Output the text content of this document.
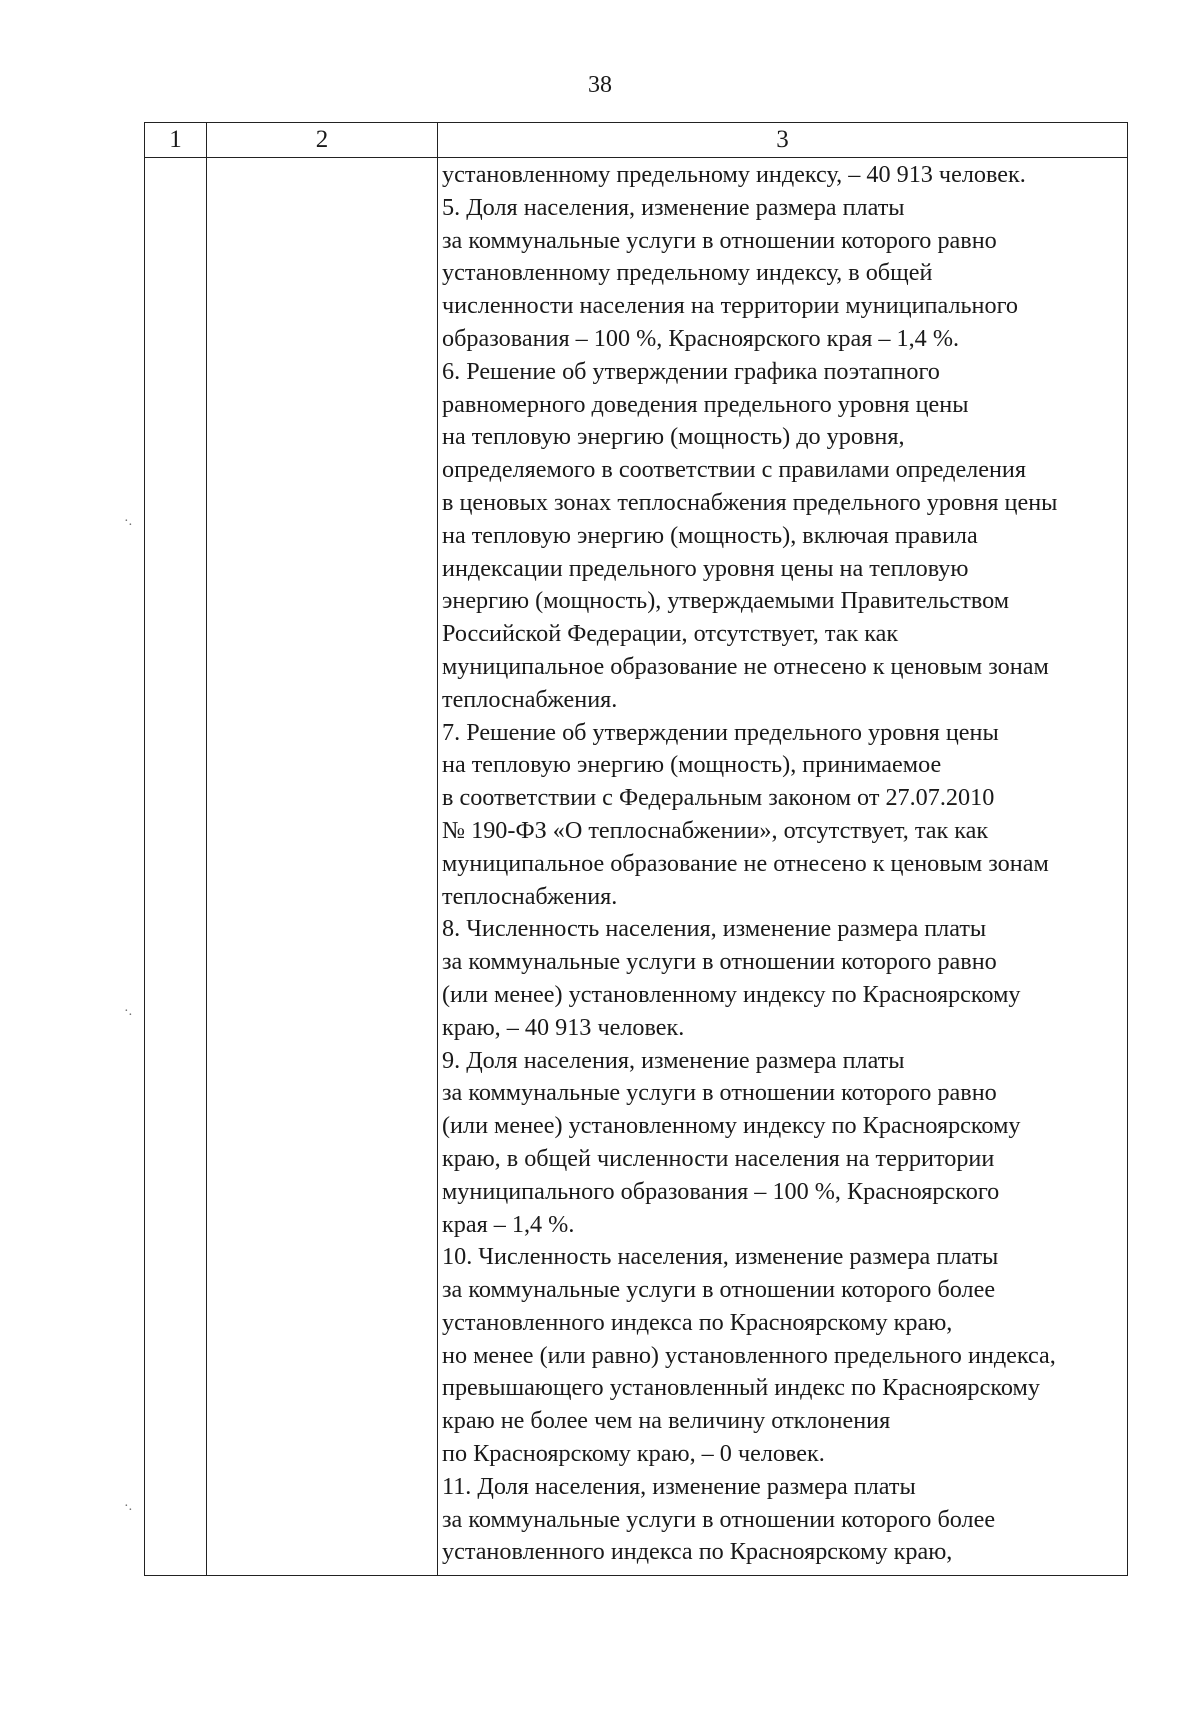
38
1	2	3
установленному предельному индексу, – 40 913 человек.
5. Доля населения, изменение размера платы
за коммунальные услуги в отношении которого равно
установленному предельному индексу, в общей
численности населения на территории муниципального
образования – 100 %, Красноярского края – 1,4 %.
6. Решение об утверждении графика поэтапного
равномерного доведения предельного уровня цены
на тепловую энергию (мощность) до уровня,
определяемого в соответствии с правилами определения
в ценовых зонах теплоснабжения предельного уровня цены
на тепловую энергию (мощность), включая правила
индексации предельного уровня цены на тепловую
энергию (мощность), утверждаемыми Правительством
Российской Федерации, отсутствует, так как
муниципальное образование не отнесено к ценовым зонам
теплоснабжения.
7. Решение об утверждении предельного уровня цены
на тепловую энергию (мощность), принимаемое
в соответствии с Федеральным законом от 27.07.2010
№ 190-ФЗ «О теплоснабжении», отсутствует, так как
муниципальное образование не отнесено к ценовым зонам
теплоснабжения.
8. Численность населения, изменение размера платы
за коммунальные услуги в отношении которого равно
(или менее) установленному индексу по Красноярскому
краю, – 40 913 человек.
9. Доля населения, изменение размера платы
за коммунальные услуги в отношении которого равно
(или менее) установленному индексу по Красноярскому
краю, в общей численности населения на территории
муниципального образования – 100 %, Красноярского
края – 1,4 %.
10. Численность населения, изменение размера платы
за коммунальные услуги в отношении которого более
установленного индекса по Красноярскому краю,
но менее (или равно) установленного предельного индекса,
превышающего установленный индекс по Красноярскому
краю не более чем на величину отклонения
по Красноярскому краю, – 0 человек.
11. Доля населения, изменение размера платы
за коммунальные услуги в отношении которого более
установленного индекса по Красноярскому краю,
·.
·.
·.
